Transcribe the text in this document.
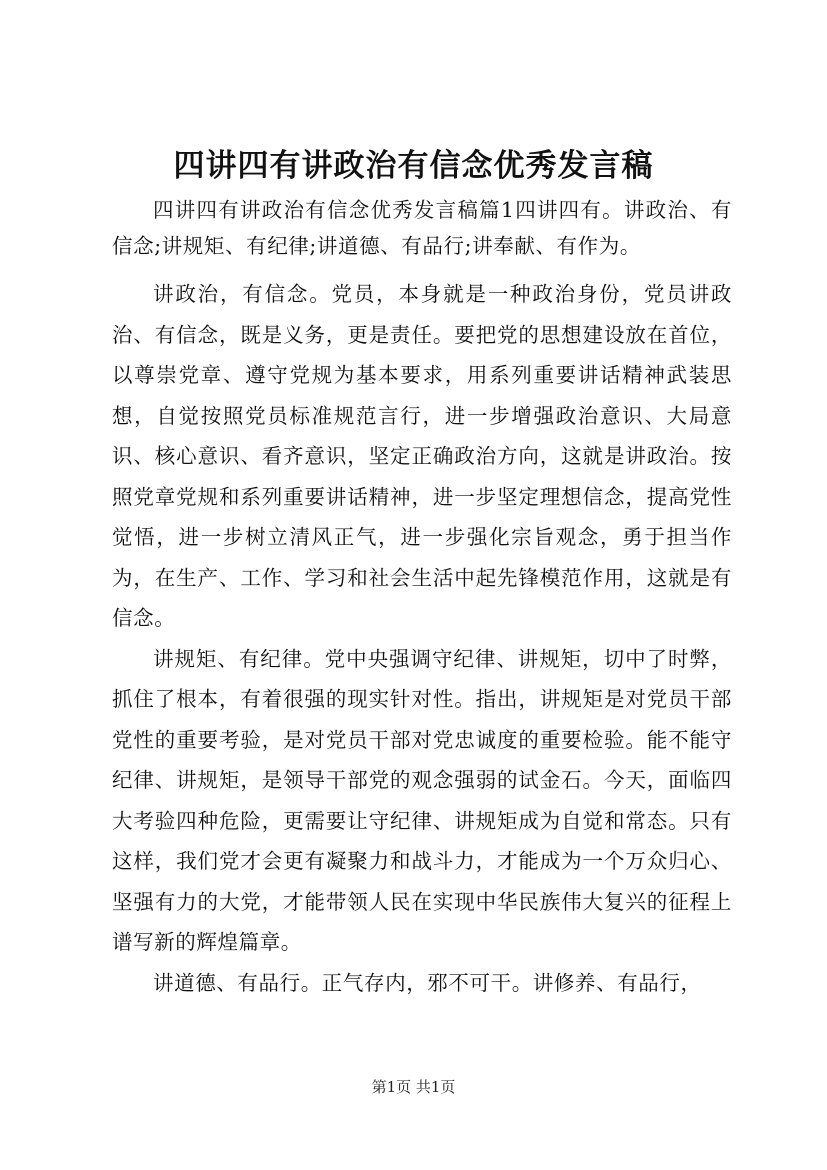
四讲四有讲政治有信念优秀发言稿

四讲四有讲政治有信念优秀发言稿篇1四讲四有。讲政治、有信念;讲规矩、有纪律;讲道德、有品行;讲奉献、有作为。

讲政治，有信念。党员，本身就是一种政治身份，党员讲政治、有信念，既是义务，更是责任。要把党的思想建设放在首位，以尊崇党章、遵守党规为基本要求，用系列重要讲话精神武装思想，自觉按照党员标准规范言行，进一步增强政治意识、大局意识、核心意识、看齐意识，坚定正确政治方向，这就是讲政治。按照党章党规和系列重要讲话精神，进一步坚定理想信念，提高党性觉悟，进一步树立清风正气，进一步强化宗旨观念，勇于担当作为，在生产、工作、学习和社会生活中起先锋模范作用，这就是有信念。

讲规矩、有纪律。党中央强调守纪律、讲规矩，切中了时弊，抓住了根本，有着很强的现实针对性。指出，讲规矩是对党员干部党性的重要考验，是对党员干部对党忠诚度的重要检验。能不能守纪律、讲规矩，是领导干部党的观念强弱的试金石。今天，面临四大考验四种危险，更需要让守纪律、讲规矩成为自觉和常态。只有这样，我们党才会更有凝聚力和战斗力，才能成为一个万众归心、坚强有力的大党，才能带领人民在实现中华民族伟大复兴的征程上谱写新的辉煌篇章。

讲道德、有品行。正气存内，邪不可干。讲修养、有品行，

第1页 共1页
